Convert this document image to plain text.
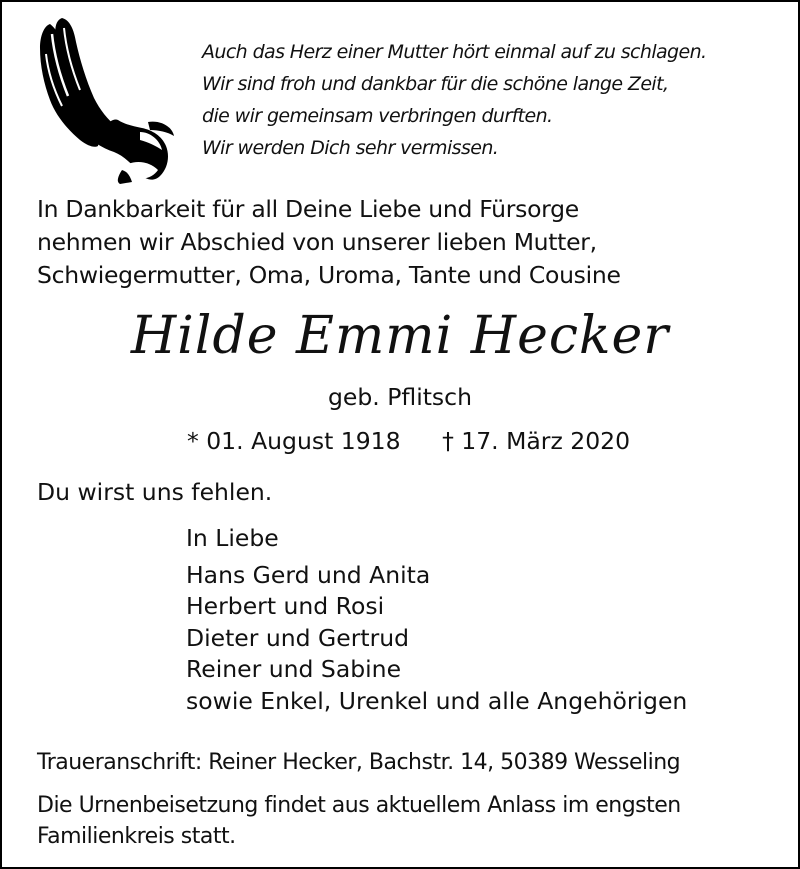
Auch das Herz einer Mutter hört einmal auf zu schlagen.
Wir sind froh und dankbar für die schöne lange Zeit,
die wir gemeinsam verbringen durften.
Wir werden Dich sehr vermissen.
In Dankbarkeit für all Deine Liebe und Fürsorge
nehmen wir Abschied von unserer lieben Mutter,
Schwiegermutter, Oma, Uroma, Tante und Cousine
Hilde Emmi Hecker
geb. Pflitsch
* 01. August 1918 † 17. März 2020
Du wirst uns fehlen.
In Liebe
Hans Gerd und Anita
Herbert und Rosi
Dieter und Gertrud
Reiner und Sabine
sowie Enkel, Urenkel und alle Angehörigen
Traueranschrift: Reiner Hecker, Bachstr. 14, 50389 Wesseling
Die Urnenbeisetzung findet aus aktuellem Anlass im engsten Familienkreis statt.
